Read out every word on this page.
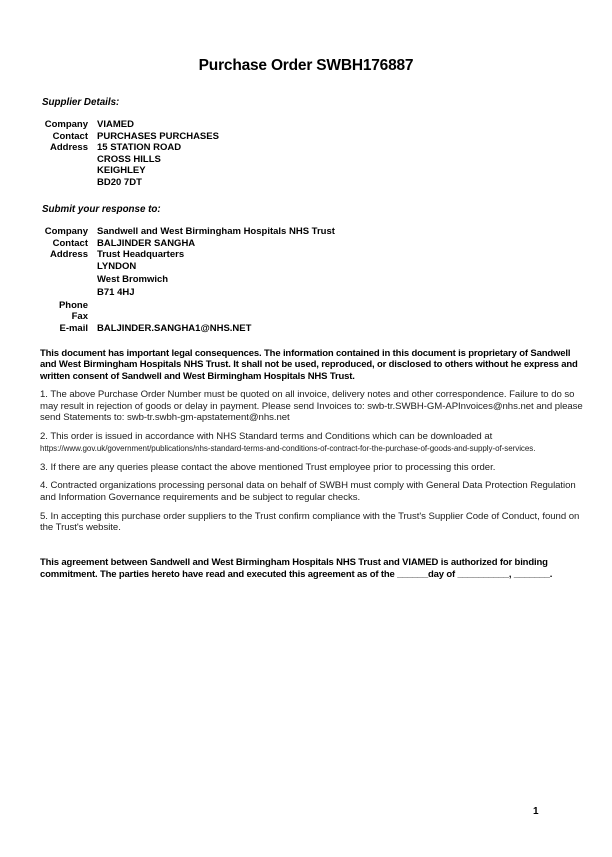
Purchase Order SWBH176887
Supplier Details:
Company VIAMED
Contact PURCHASES PURCHASES
Address 15 STATION ROAD
CROSS HILLS
KEIGHLEY
BD20 7DT
Submit your response to:
Company Sandwell and West Birmingham Hospitals NHS Trust
Contact BALJINDER SANGHA
Address Trust Headquarters
LYNDON
West Bromwich
B71 4HJ
Phone
Fax
E-mail BALJINDER.SANGHA1@NHS.NET
This document has important legal consequences. The information contained in this document is proprietary of Sandwell and West Birmingham Hospitals NHS Trust. It shall not be used, reproduced, or disclosed to others without he express and written consent of Sandwell and West Birmingham Hospitals NHS Trust.

1. The above Purchase Order Number must be quoted on all invoice, delivery notes and other correspondence. Failure to do so may result in rejection of goods or delay in payment. Please send Invoices to: swb-tr.SWBH-GM-APInvoices@nhs.net and please send Statements to: swb-tr.swbh-gm-apstatement@nhs.net

2. This order is issued in accordance with NHS Standard terms and Conditions which can be downloaded at https://www.gov.uk/government/publications/nhs-standard-terms-and-conditions-of-contract-for-the-purchase-of-goods-and-supply-of-services.

3. If there are any queries please contact the above mentioned Trust employee prior to processing this order.

4. Contracted organizations processing personal data on behalf of SWBH must comply with General Data Protection Regulation and Information Governance requirements and be subject to regular checks.

5. In accepting this purchase order suppliers to the Trust confirm compliance with the Trust's Supplier Code of Conduct, found on the Trust's website.

This agreement between Sandwell and West Birmingham Hospitals NHS Trust and VIAMED is authorized for binding commitment. The parties hereto have read and executed this agreement as of the ______day of __________, _______.
1
